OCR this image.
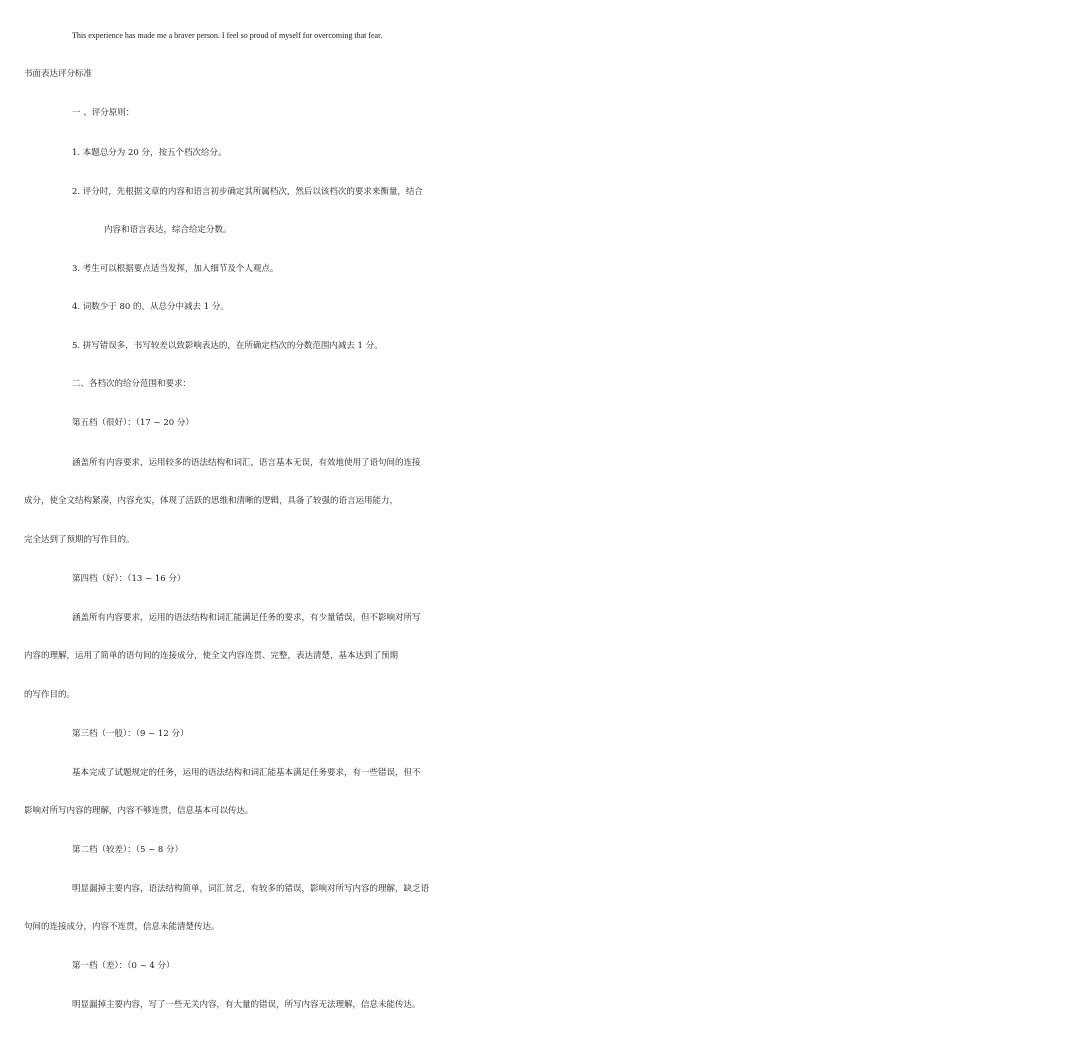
This experience has made me a braver person. I feel so proud of myself for overcoming that fear.
书面表达评分标准
一 、评分原则：
1. 本题总分为 20 分，按五个档次给分。
2. 评分时，先根据文章的内容和语言初步确定其所属档次，然后以该档次的要求来衡量，结合
内容和语言表达，综合给定分数。
3. 考生可以根据要点适当发挥，加入细节及个人观点。
4. 词数少于 80 的，从总分中减去 1 分。
5. 拼写错误多，书写较差以致影响表达的，在所确定档次的分数范围内减去 1 分。
二、各档次的给分范围和要求：
第五档（很好）：（17 ~ 20 分）
涵盖所有内容要求，运用较多的语法结构和词汇，语言基本无误，有效地使用了语句间的连接
成分，使全文结构紧凑，内容充实，体现了活跃的思维和清晰的逻辑，具备了较强的语言运用能力，
完全达到了预期的写作目的。
第四档（好）：（13 ~ 16 分）
涵盖所有内容要求，运用的语法结构和词汇能满足任务的要求，有少量错误，但不影响对所写
内容的理解，运用了简单的语句间的连接成分，使全文内容连贯、完整，表达清楚，基本达到了预期
的写作目的。
第三档（一般）：（9 ~ 12 分）
基本完成了试题规定的任务，运用的语法结构和词汇能基本满足任务要求，有一些错误，但不
影响对所写内容的理解，内容不够连贯，信息基本可以传达。
第二档（较差）：（5 ~ 8 分）
明显漏掉主要内容，语法结构简单，词汇贫乏，有较多的错误，影响对所写内容的理解，缺乏语
句间的连接成分，内容不连贯，信息未能清楚传达。
第一档（差）：（0 ~ 4 分）
明显漏掉主要内容，写了一些无关内容，有大量的错误，所写内容无法理解，信息未能传达。
